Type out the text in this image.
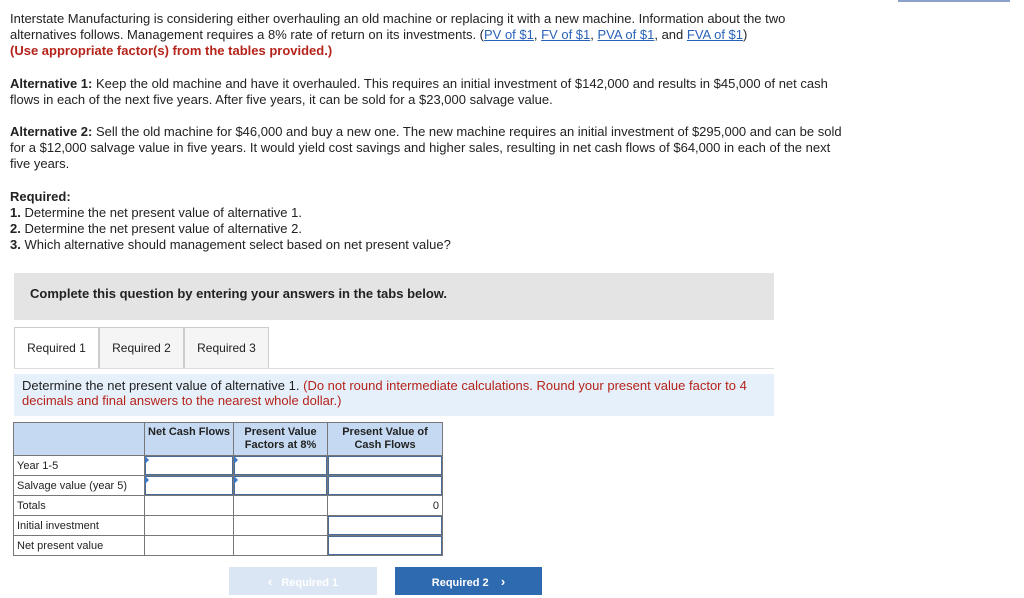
Interstate Manufacturing is considering either overhauling an old machine or replacing it with a new machine. Information about the two alternatives follows. Management requires a 8% rate of return on its investments. (PV of $1, FV of $1, PVA of $1, and FVA of $1)
(Use appropriate factor(s) from the tables provided.)
Alternative 1: Keep the old machine and have it overhauled. This requires an initial investment of $142,000 and results in $45,000 of net cash flows in each of the next five years. After five years, it can be sold for a $23,000 salvage value.
Alternative 2: Sell the old machine for $46,000 and buy a new one. The new machine requires an initial investment of $295,000 and can be sold for a $12,000 salvage value in five years. It would yield cost savings and higher sales, resulting in net cash flows of $64,000 in each of the next five years.
Required:
1. Determine the net present value of alternative 1.
2. Determine the net present value of alternative 2.
3. Which alternative should management select based on net present value?
Complete this question by entering your answers in the tabs below.
Required 1	Required 2	Required 3

Determine the net present value of alternative 1. (Do not round intermediate calculations. Round your present value factor to 4 decimals and final answers to the nearest whole dollar.)

	Net Cash Flows	Present Value Factors at 8%	Present Value of Cash Flows
Year 1-5	

Salvage value (year 5)	

Totals			0
Initial investment			
Net present value			
‹ Required 1	Required 2 ›
